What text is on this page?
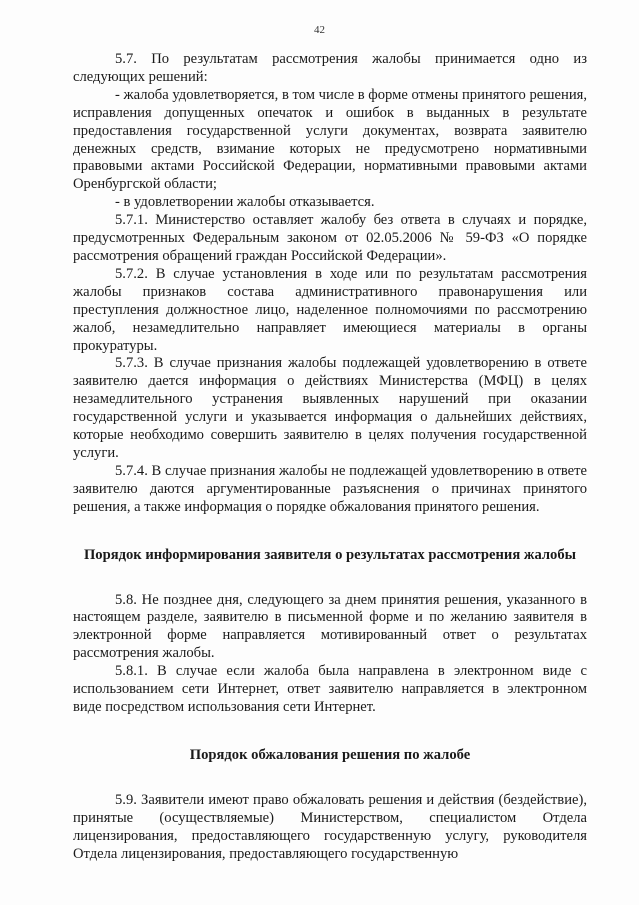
42

5.7. По результатам рассмотрения жалобы принимается одно из следующих решений:

- жалоба удовлетворяется, в том числе в форме отмены принятого решения, исправления допущенных опечаток и ошибок в выданных в результате предоставления государственной услуги документах, возврата заявителю денежных средств, взимание которых не предусмотрено нормативными правовыми актами Российской Федерации, нормативными правовыми актами Оренбургской области;

- в удовлетворении жалобы отказывается.

5.7.1. Министерство оставляет жалобу без ответа в случаях и порядке, предусмотренных Федеральным законом от 02.05.2006 № 59-ФЗ «О порядке рассмотрения обращений граждан Российской Федерации».

5.7.2. В случае установления в ходе или по результатам рассмотрения жалобы признаков состава административного правонарушения или преступления должностное лицо, наделенное полномочиями по рассмотрению жалоб, незамедлительно направляет имеющиеся материалы в органы прокуратуры.

5.7.3. В случае признания жалобы подлежащей удовлетворению в ответе заявителю дается информация о действиях Министерства (МФЦ) в целях незамедлительного устранения выявленных нарушений при оказании государственной услуги и указывается информация о дальнейших действиях, которые необходимо совершить заявителю в целях получения государственной услуги.

5.7.4. В случае признания жалобы не подлежащей удовлетворению в ответе заявителю даются аргументированные разъяснения о причинах принятого решения, а также информация о порядке обжалования принятого решения.

Порядок информирования заявителя о результатах рассмотрения жалобы

5.8. Не позднее дня, следующего за днем принятия решения, указанного в настоящем разделе, заявителю в письменной форме и по желанию заявителя в электронной форме направляется мотивированный ответ о результатах рассмотрения жалобы.

5.8.1. В случае если жалоба была направлена в электронном виде с использованием сети Интернет, ответ заявителю направляется в электронном виде посредством использования сети Интернет.

Порядок обжалования решения по жалобе

5.9. Заявители имеют право обжаловать решения и действия (бездействие), принятые (осуществляемые) Министерством, специалистом Отдела лицензирования, предоставляющего государственную услугу, руководителя Отдела лицензирования, предоставляющего государственную
